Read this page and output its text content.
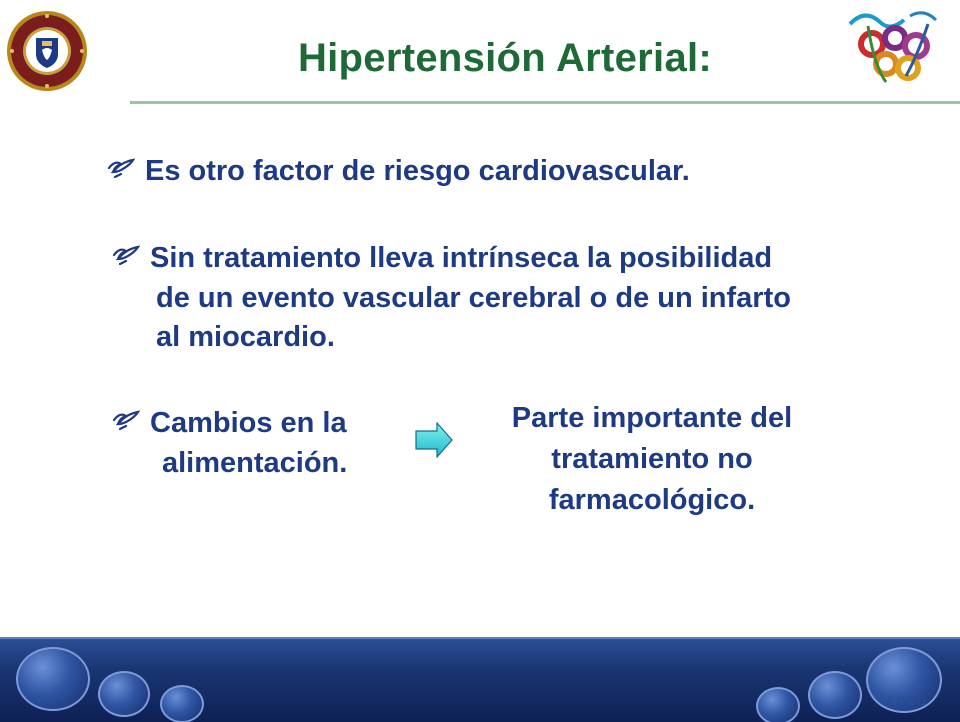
Hipertensión Arterial:
Es otro factor de riesgo cardiovascular.
Sin tratamiento lleva intrínseca la posibilidad
de un evento vascular cerebral o de un infarto
al miocardio.
Cambios en la
alimentación.
Parte importante del
tratamiento no
farmacológico.
LOGO
